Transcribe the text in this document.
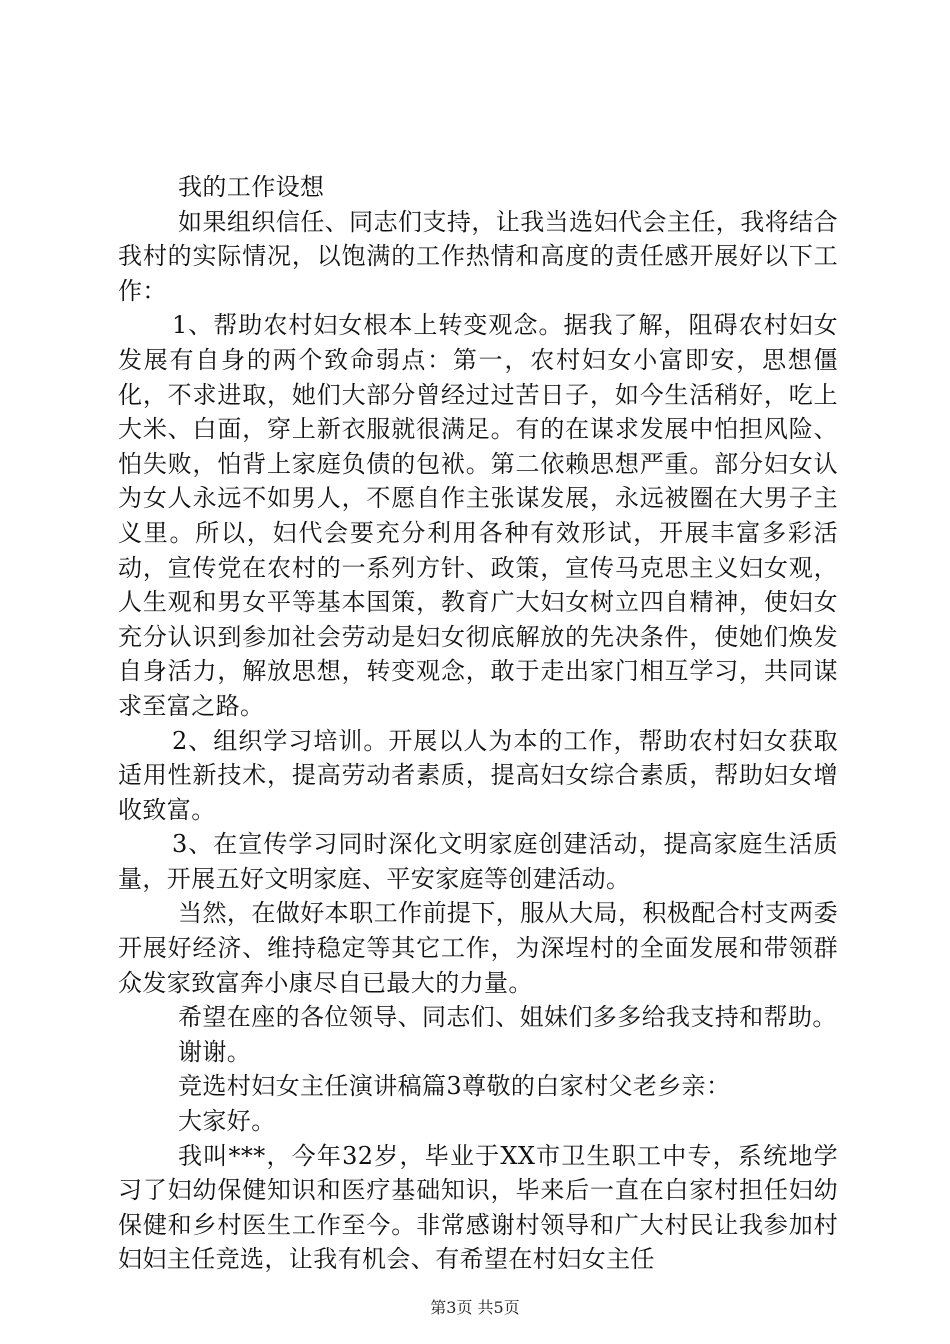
我的工作设想

如果组织信任、同志们支持，让我当选妇代会主任，我将结合我村的实际情况，以饱满的工作热情和高度的责任感开展好以下工作：

1、帮助农村妇女根本上转变观念。据我了解，阻碍农村妇女发展有自身的两个致命弱点：第一，农村妇女小富即安，思想僵化，不求进取，她们大部分曾经过过苦日子，如今生活稍好，吃上大米、白面，穿上新衣服就很满足。有的在谋求发展中怕担风险、怕失败，怕背上家庭负债的包袱。第二依赖思想严重。部分妇女认为女人永远不如男人，不愿自作主张谋发展，永远被圈在大男子主义里。所以，妇代会要充分利用各种有效形试，开展丰富多彩活动，宣传党在农村的一系列方针、政策，宣传马克思主义妇女观，人生观和男女平等基本国策，教育广大妇女树立四自精神，使妇女充分认识到参加社会劳动是妇女彻底解放的先决条件，使她们焕发自身活力，解放思想，转变观念，敢于走出家门相互学习，共同谋求至富之路。

2、组织学习培训。开展以人为本的工作，帮助农村妇女获取适用性新技术，提高劳动者素质，提高妇女综合素质，帮助妇女增收致富。

3、在宣传学习同时深化文明家庭创建活动，提高家庭生活质量，开展五好文明家庭、平安家庭等创建活动。

当然，在做好本职工作前提下，服从大局，积极配合村支两委开展好经济、维持稳定等其它工作，为深埕村的全面发展和带领群众发家致富奔小康尽自已最大的力量。

希望在座的各位领导、同志们、姐妹们多多给我支持和帮助。

谢谢。

竞选村妇女主任演讲稿篇3尊敬的白家村父老乡亲：

大家好。

我叫***，今年32岁，毕业于XX市卫生职工中专，系统地学习了妇幼保健知识和医疗基础知识，毕来后一直在白家村担任妇幼保健和乡村医生工作至今。非常感谢村领导和广大村民让我参加村妇妇主任竞选，让我有机会、有希望在村妇女主任

第3页 共5页
